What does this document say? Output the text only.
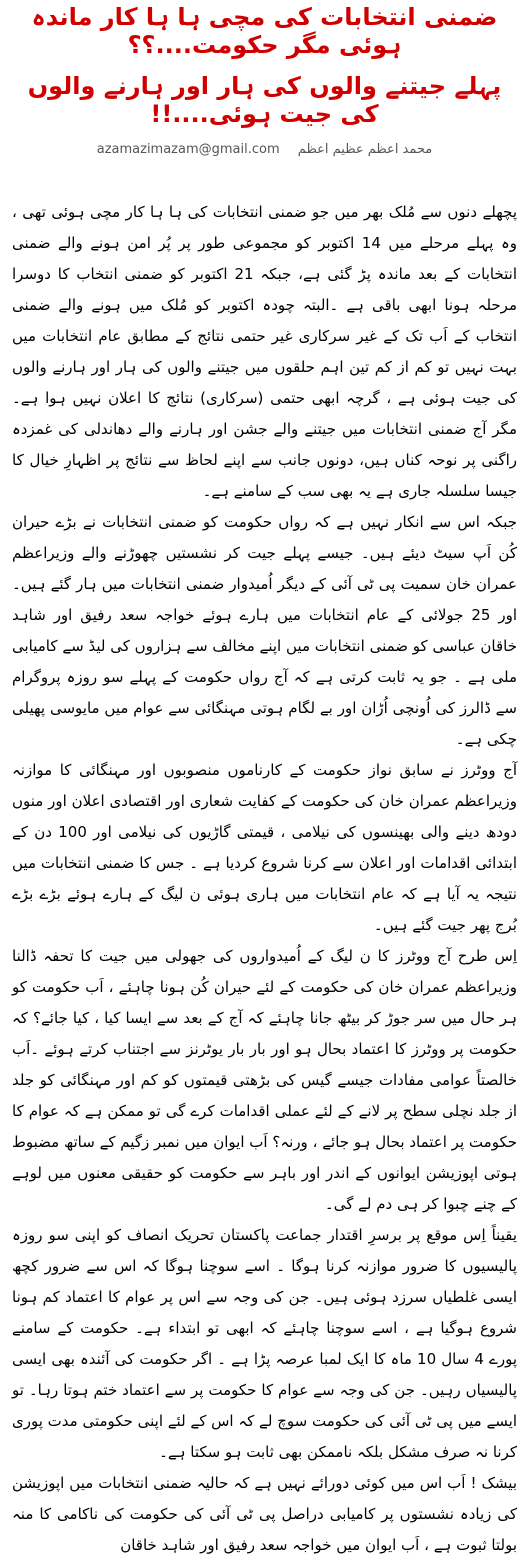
ضمنی انتخابات کی مچی ہا ہا کار ماندہ ہوئی مگر حکومت....؟؟
پہلے جیتنے والوں کی ہار اور ہارنے والوں کی جیت ہوئی....!!
محمد اعظم عظیم اعظم azamazimazam@gmail.com

پچھلے دنوں سے مُلک بھر میں جو ضمنی انتخابات کی ہا ہا کار مچی ہوئی تھی ، وہ پہلے مرحلے میں 14 اکتوبر کو مجموعی طور پر پُر امن ہونے والے ضمنی انتخابات کے بعد ماندہ پڑ گئی ہے، جبکہ 21 اکتوبر کو ضمنی انتخاب کا دوسرا مرحلہ ہونا ابھی باقی ہے ۔البتہ چودہ اکتوبر کو مُلک میں ہونے والے ضمنی انتخاب کے اَب تک کے غیر سرکاری غیر حتمی نتائج کے مطابق عام انتخابات میں بہت نہیں تو کم از کم تین اہم حلقوں میں جیتنے والوں کی ہار اور ہارنے والوں کی جیت ہوئی ہے ، گرچہ ابھی حتمی (سرکاری) نتائج کا اعلان نہیں ہوا ہے۔ مگر آج ضمنی انتخابات میں جیتنے والے جشن اور ہارنے والے دھاندلی کی غمزدہ راگنی پر نوحہ کناں ہیں، دونوں جانب سے اپنے لحاظ سے نتائج پر اظہارِ خیال کا جیسا سلسلہ جاری ہے یہ بھی سب کے سامنے ہے۔

جبکہ اس سے انکار نہیں ہے کہ رواں حکومت کو ضمنی انتخابات نے بڑے حیران کُن اَپ سیٹ دیئے ہیں۔ جیسے پہلے جیت کر نشستیں چھوڑنے والے وزیراعظم عمران خان سمیت پی ٹی آئی کے دیگر اُمیدوار ضمنی انتخابات میں ہار گئے ہیں۔ اور 25 جولائی کے عام انتخابات میں ہارے ہوئے خواجہ سعد رفیق اور شاہد خاقان عباسی کو ضمنی انتخابات میں اپنے مخالف سے ہزاروں کی لیڈ سے کامیابی ملی ہے ۔ جو یہ ثابت کرتی ہے کہ آج رواں حکومت کے پہلے سو روزہ پروگرام سے ڈالرز کی اُونچی اُڑان اور بے لگام ہوتی مہنگائی سے عوام میں مایوسی پھیلی چکی ہے۔

آج ووٹرز نے سابق نواز حکومت کے کارناموں منصوبوں اور مہنگائی کا موازنہ وزیراعظم عمران خان کی حکومت کے کفایت شعاری اور اقتصادی اعلان اور منوں دودھ دینے والی بھینسوں کی نیلامی ، قیمتی گاڑیوں کی نیلامی اور 100 دن کے ابتدائی اقدامات اور اعلان سے کرنا شروع کردیا ہے ۔ جس کا ضمنی انتخابات میں نتیجہ یہ آیا ہے کہ عام انتخابات میں ہاری ہوئی ن لیگ کے ہارے ہوئے بڑے بڑے بُرج پھر جیت گئے ہیں۔

اِس طرح آج ووٹرز کا ن لیگ کے اُمیدواروں کی جھولی میں جیت کا تحفہ ڈالنا وزیراعظم عمران خان کی حکومت کے لئے حیران کُن ہونا چاہئے ، اَب حکومت کو ہر حال میں سر جوڑ کر بیٹھ جانا چاہئے کہ آج کے بعد سے ایسا کیا ، کیا جائے؟ کہ حکومت پر ووٹرز کا اعتماد بحال ہو اور بار بار یوٹرنز سے اجتناب کرتے ہوئے ۔اَب خالصتاً عوامی مفادات جیسے گیس کی بڑھتی قیمتوں کو کم اور مہنگائی کو جلد از جلد نچلی سطح پر لانے کے لئے عملی اقدامات کرے گی تو ممکن ہے کہ عوام کا حکومت پر اعتماد بحال ہو جائے ، ورنہ؟ اَب ایوان میں نمبر زگیم کے ساتھ مضبوط ہوتی اپوزیشن ایوانوں کے اندر اور باہر سے حکومت کو حقیقی معنوں میں لوہے کے چنے چبوا کر ہی دم لے گی۔

یقیناً اِس موقع پر برسرِ اقتدار جماعت پاکستان تحریک انصاف کو اپنی سو روزہ پالیسیوں کا ضرور موازنہ کرنا ہوگا ۔ اسے سوچنا ہوگا کہ اس سے ضرور کچھ ایسی غلطیاں سرزد ہوئی ہیں۔ جن کی وجہ سے اس پر عوام کا اعتماد کم ہونا شروع ہوگیا ہے ، اسے سوچنا چاہئے کہ ابھی تو ابتداء ہے۔ حکومت کے سامنے پورے 4 سال 10 ماہ کا ایک لمبا عرصہ پڑا ہے ۔ اگر حکومت کی آئندہ بھی ایسی پالیسیاں رہیں۔ جن کی وجہ سے عوام کا حکومت پر سے اعتماد ختم ہوتا رہا۔ تو ایسے میں پی ٹی آئی کی حکومت سوچ لے کہ اس کے لئے اپنی حکومتی مدت پوری کرنا نہ صرف مشکل بلکہ ناممکن بھی ثابت ہو سکتا ہے۔

بیشک ! اَب اس میں کوئی دورائے نہیں ہے کہ حالیہ ضمنی انتخابات میں اپوزیشن کی زیادہ نشستوں پر کامیابی دراصل پی ٹی آئی کی حکومت کی ناکامی کا منہ بولتا ثبوت ہے ، اَب ایوان میں خواجہ سعد رفیق اور شاہد خاقان
